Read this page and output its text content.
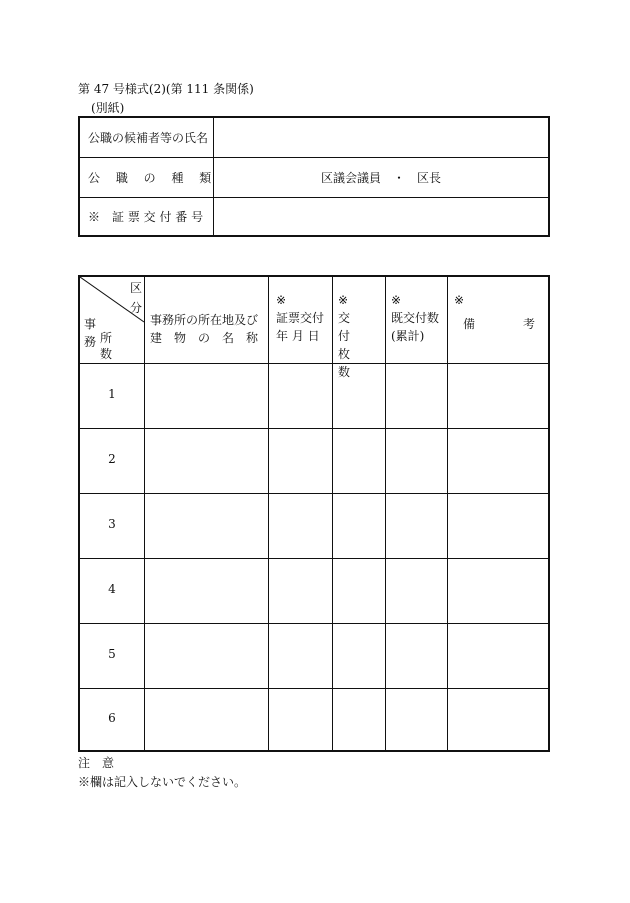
第 47 号様式(2)(第 111 条関係)
(別紙)
公職の候補者等の氏名
公　 職 　の　 種　 類	区議会議員　・　区長
※　証 票 交 付 番 号
区
分
事
所
務
数
事務所の所在地及び
建　物　の　名　称
※
証票交付
年 月 日
※
交　　付
枚　　数
※
既交付数
(累計)
※
備　　　　考
1
2
3
4
5
6
注　意
※欄は記入しないでください。
